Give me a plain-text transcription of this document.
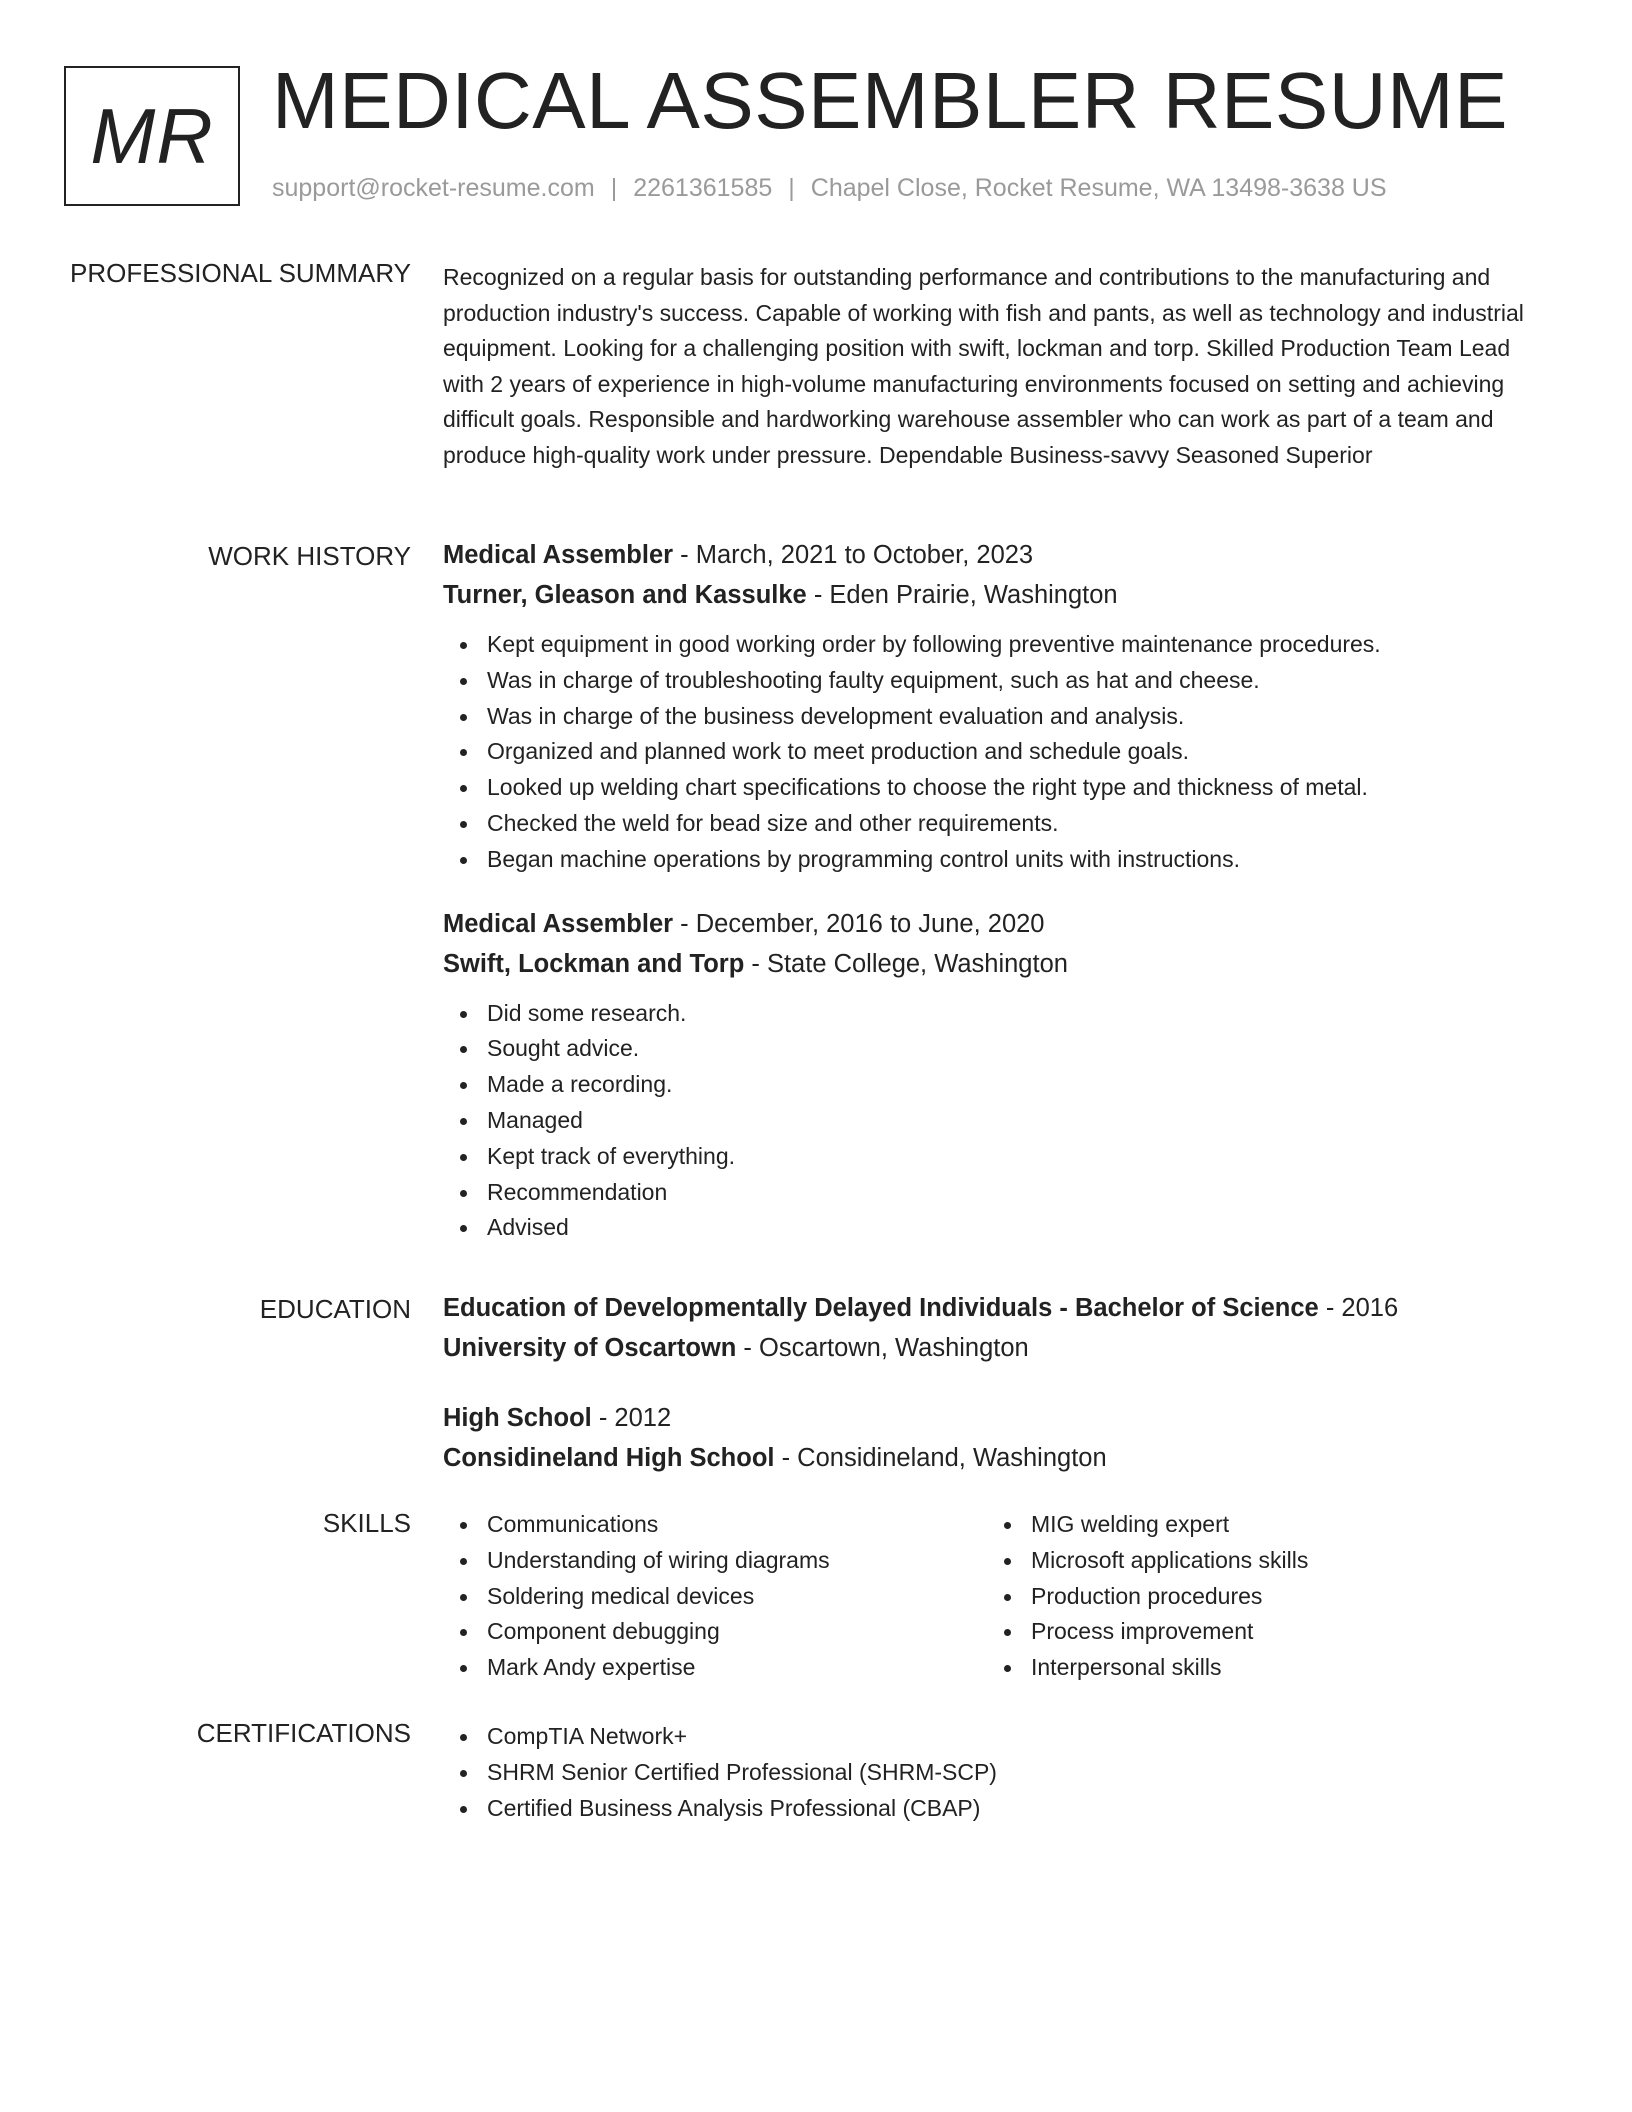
MR MEDICAL ASSEMBLER RESUME
support@rocket-resume.com | 2261361585 | Chapel Close, Rocket Resume, WA 13498-3638 US
PROFESSIONAL SUMMARY Recognized on a regular basis for outstanding performance and contributions to the manufacturing and production industry's success. Capable of working with fish and pants, as well as technology and industrial equipment. Looking for a challenging position with swift, lockman and torp. Skilled Production Team Lead with 2 years of experience in high-volume manufacturing environments focused on setting and achieving difficult goals. Responsible and hardworking warehouse assembler who can work as part of a team and produce high-quality work under pressure. Dependable Business-savvy Seasoned Superior

WORK HISTORY Medical Assembler - March, 2021 to October, 2023
Turner, Gleason and Kassulke - Eden Prairie, Washington
Kept equipment in good working order by following preventive maintenance procedures.
Was in charge of troubleshooting faulty equipment, such as hat and cheese.
Was in charge of the business development evaluation and analysis.
Organized and planned work to meet production and schedule goals.
Looked up welding chart specifications to choose the right type and thickness of metal.
Checked the weld for bead size and other requirements.
Began machine operations by programming control units with instructions.
Medical Assembler - December, 2016 to June, 2020
Swift, Lockman and Torp - State College, Washington
Did some research.
Sought advice.
Made a recording.
Managed
Kept track of everything.
Recommendation
Advised
EDUCATION Education of Developmentally Delayed Individuals - Bachelor of Science - 2016
University of Oscartown - Oscartown, Washington
High School - 2012
Considineland High School - Considineland, Washington
SKILLS	Communications
Understanding of wiring diagrams
Soldering medical devices
Component debugging
Mark Andy expertise
MIG welding expert
Microsoft applications skills
Production procedures
Process improvement
Interpersonal skills
CERTIFICATIONS	CompTIA Network+
SHRM Senior Certified Professional (SHRM-SCP)
Certified Business Analysis Professional (CBAP)
